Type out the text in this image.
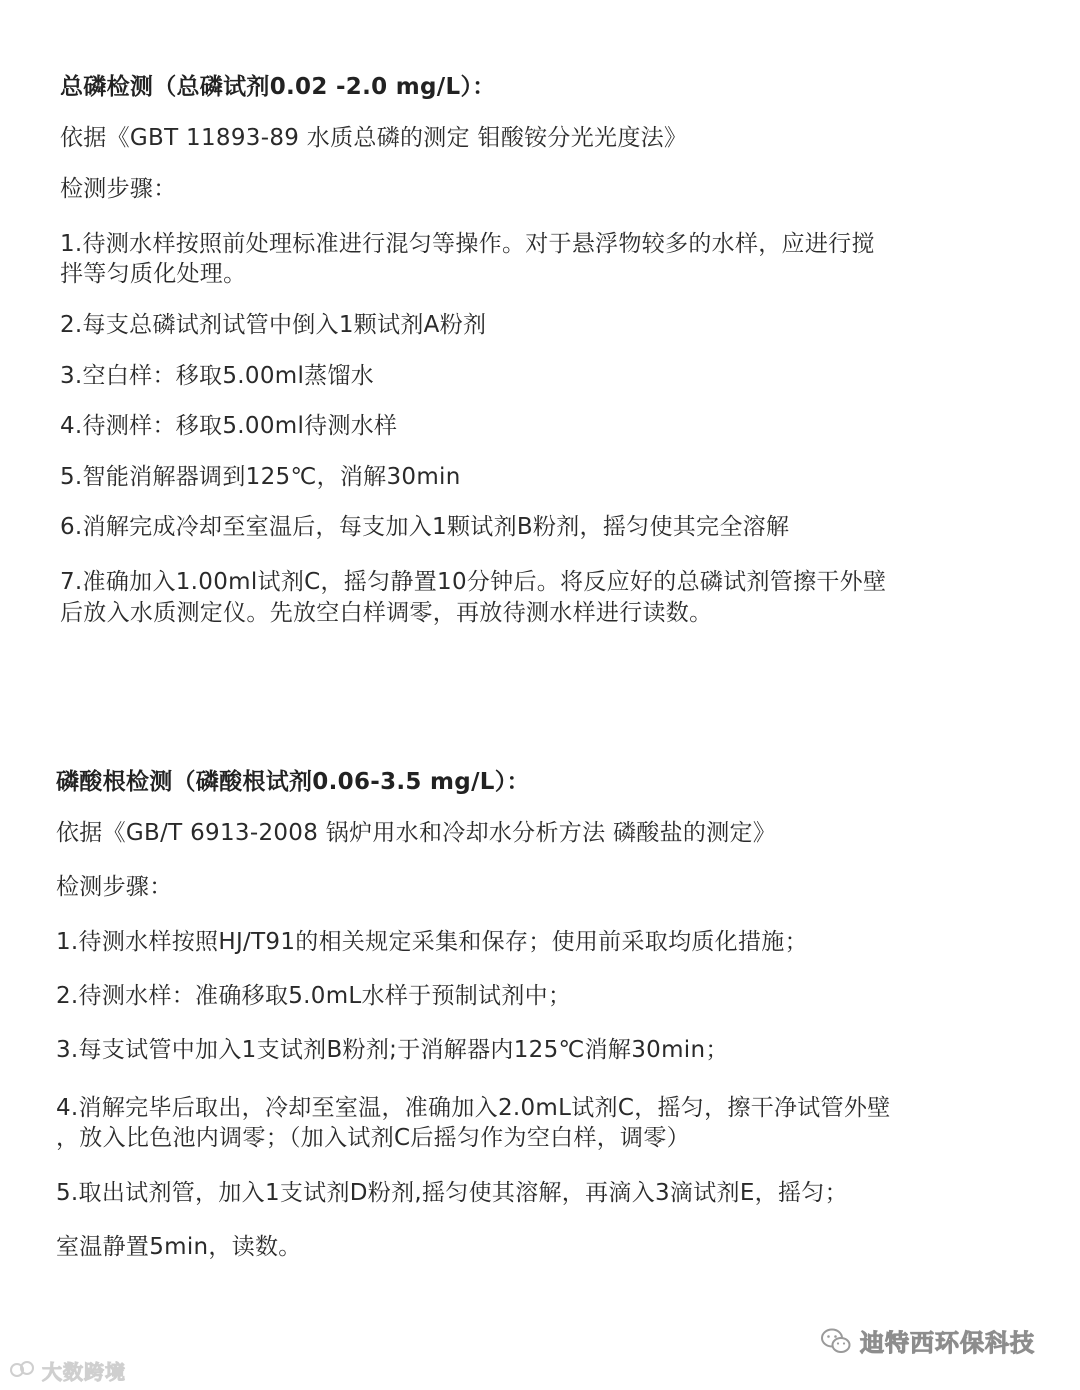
总磷检测（总磷试剂0.02 -2.0 mg/L）：
依据《GBT 11893-89 水质总磷的测定 钼酸铵分光光度法》
检测步骤：
1.待测水样按照前处理标准进行混匀等操作。对于悬浮物较多的水样，应进行搅
拌等匀质化处理。
2.每支总磷试剂试管中倒入1颗试剂A粉剂
3.空白样：移取5.00ml蒸馏水
4.待测样：移取5.00ml待测水样
5.智能消解器调到125℃，消解30min
6.消解完成冷却至室温后，每支加入1颗试剂B粉剂，摇匀使其完全溶解
7.准确加入1.00ml试剂C，摇匀静置10分钟后。将反应好的总磷试剂管擦干外壁
后放入水质测定仪。先放空白样调零，再放待测水样进行读数。
磷酸根检测（磷酸根试剂0.06-3.5 mg/L）：
依据《GB/T 6913-2008 锅炉用水和冷却水分析方法 磷酸盐的测定》
检测步骤：
1.待测水样按照HJ/T91的相关规定采集和保存；使用前采取均质化措施；
2.待测水样：准确移取5.0mL水样于预制试剂中；
3.每支试管中加入1支试剂B粉剂;于消解器内125℃消解30min；
4.消解完毕后取出，冷却至室温，准确加入2.0mL试剂C，摇匀，擦干净试管外壁
，放入比色池内调零；（加入试剂C后摇匀作为空白样，调零）
5.取出试剂管，加入1支试剂D粉剂,摇匀使其溶解，再滴入3滴试剂E，摇匀；
室温静置5min，读数。
迪特西环保科技
大数跨境
